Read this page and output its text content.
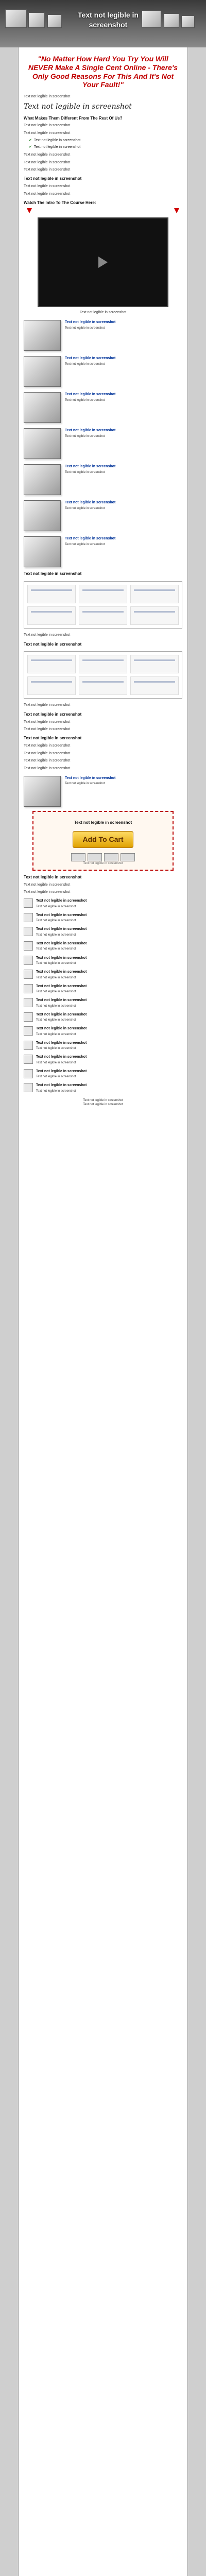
Text not legible in screenshot
"No Matter How Hard You Try You Will NEVER Make A Single Cent Online - There's Only Good Reasons For This And It's Not Your Fault!"
Text not legible in screenshot
Text not legible in screenshot
What Makes Them Different From The Rest Of Us?
Text not legible in screenshot
Text not legible in screenshot
✔ Text not legible in screenshot
✔ Text not legible in screenshot
Text not legible in screenshot
Text not legible in screenshot
Text not legible in screenshot
Text not legible in screenshot
Text not legible in screenshot
Text not legible in screenshot
Watch The Intro To The Course Here:
Text not legible in screenshot
Text not legible in screenshot
Text not legible in screenshot
Text not legible in screenshot
Text not legible in screenshot
Text not legible in screenshot
Text not legible in screenshot
Text not legible in screenshot
Text not legible in screenshot
Text not legible in screenshot
Text not legible in screenshot
Text not legible in screenshot
Text not legible in screenshot
Text not legible in screenshot
Text not legible in screenshot
Text not legible in screenshot
Text not legible in screenshot
Text not legible in screenshot
Text not legible in screenshot
Text not legible in screenshot
Text not legible in screenshot
Text not legible in screenshot
Text not legible in screenshot
Text not legible in screenshot
Text not legible in screenshot
Text not legible in screenshot
Text not legible in screenshot
Text not legible in screenshot
Text not legible in screenshot
Text not legible in screenshot
Add To Cart
Text not legible in screenshot
Text not legible in screenshot
Text not legible in screenshot
Text not legible in screenshot
Text not legible in screenshot
Text not legible in screenshot
Text not legible in screenshot
Text not legible in screenshot
Text not legible in screenshot
Text not legible in screenshot
Text not legible in screenshot
Text not legible in screenshot
Text not legible in screenshot
Text not legible in screenshot
Text not legible in screenshot
Text not legible in screenshot
Text not legible in screenshot
Text not legible in screenshot
Text not legible in screenshot
Text not legible in screenshot
Text not legible in screenshot
Text not legible in screenshot
Text not legible in screenshot
Text not legible in screenshot
Text not legible in screenshot
Text not legible in screenshot
Text not legible in screenshot
Text not legible in screenshot
Text not legible in screenshot
Text not legible in screenshot
Text not legible in screenshot
Text not legible in screenshot
Text not legible in screenshot
Text not legible in screenshot
